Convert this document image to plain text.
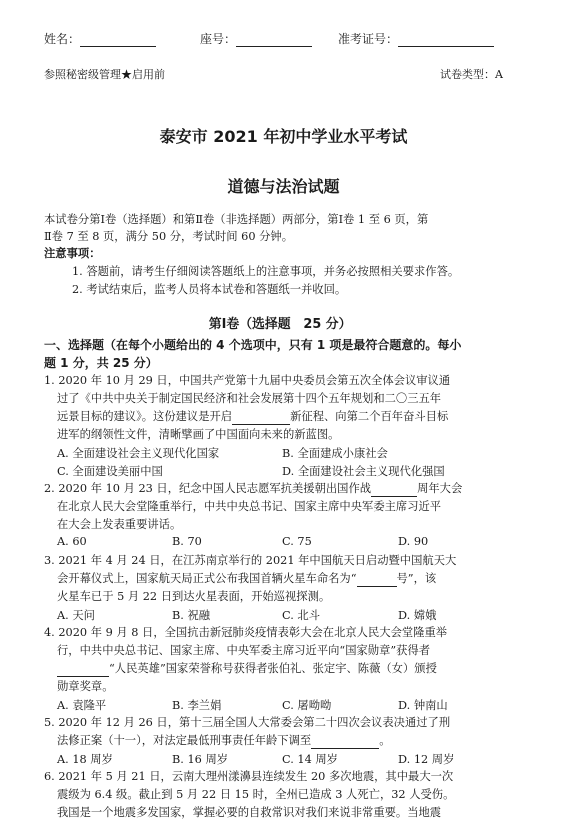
姓名：	座号：	准考证号：
参照秘密级管理★启用前	试卷类型：A
泰安市 2021 年初中学业水平考试
道德与法治试题
本试卷分第Ⅰ卷（选择题）和第Ⅱ卷（非选择题）两部分，第Ⅰ卷 1 至 6 页，第
Ⅱ卷 7 至 8 页，满分 50 分，考试时间 60 分钟。
注意事项：
1. 答题前，请考生仔细阅读答题纸上的注意事项，并务必按照相关要求作答。
2. 考试结束后，监考人员将本试卷和答题纸一并收回。
第Ⅰ卷（选择题　25 分）
一、选择题（在每个小题给出的 4 个选项中，只有 1 项是最符合题意的。每小
题 1 分，共 25 分）
1. 2020 年 10 月 29 日，中国共产党第十九届中央委员会第五次全体会议审议通
过了《中共中央关于制定国民经济和社会发展第十四个五年规划和二〇三五年
远景目标的建议》。这份建议是开启	新征程、向第二个百年奋斗目标
进军的纲领性文件，清晰擘画了中国面向未来的新蓝图。
A. 全面建设社会主义现代化国家	B. 全面建成小康社会
C. 全面建设美丽中国	D. 全面建设社会主义现代化强国
2. 2020 年 10 月 23 日，纪念中国人民志愿军抗美援朝出国作战	周年大会
在北京人民大会堂隆重举行，中共中央总书记、国家主席中央军委主席习近平
在大会上发表重要讲话。
A. 60	B. 70	C. 75	D. 90
3. 2021 年 4 月 24 日，在江苏南京举行的 2021 年中国航天日启动暨中国航天大
会开幕仪式上，国家航天局正式公布我国首辆火星车命名为“	号”，该
火星车已于 5 月 22 日到达火星表面，开始巡视探测。
A. 天问	B. 祝融	C. 北斗	D. 嫦娥
4. 2020 年 9 月 8 日，全国抗击新冠肺炎疫情表彰大会在北京人民大会堂隆重举
行，中共中央总书记、国家主席、中央军委主席习近平向“国家勋章”获得者
“人民英雄”国家荣誉称号获得者张伯礼、张定宇、陈薇（女）颁授
勋章奖章。
A. 袁隆平	B. 李兰娟	C. 屠呦呦	D. 钟南山
5. 2020 年 12 月 26 日，第十三届全国人大常委会第二十四次会议表决通过了刑
法修正案（十一），对法定最低刑事责任年龄下调至	。
A. 18 周岁	B. 16 周岁	C. 14 周岁	D. 12 周岁
6. 2021 年 5 月 21 日，云南大理州漾濞县连续发生 20 多次地震，其中最大一次
震级为 6.4 级。截止到 5 月 22 日 15 时，全州已造成 3 人死亡，32 人受伤。
我国是一个地震多发国家，掌握必要的自救常识对我们来说非常重要。当地震
